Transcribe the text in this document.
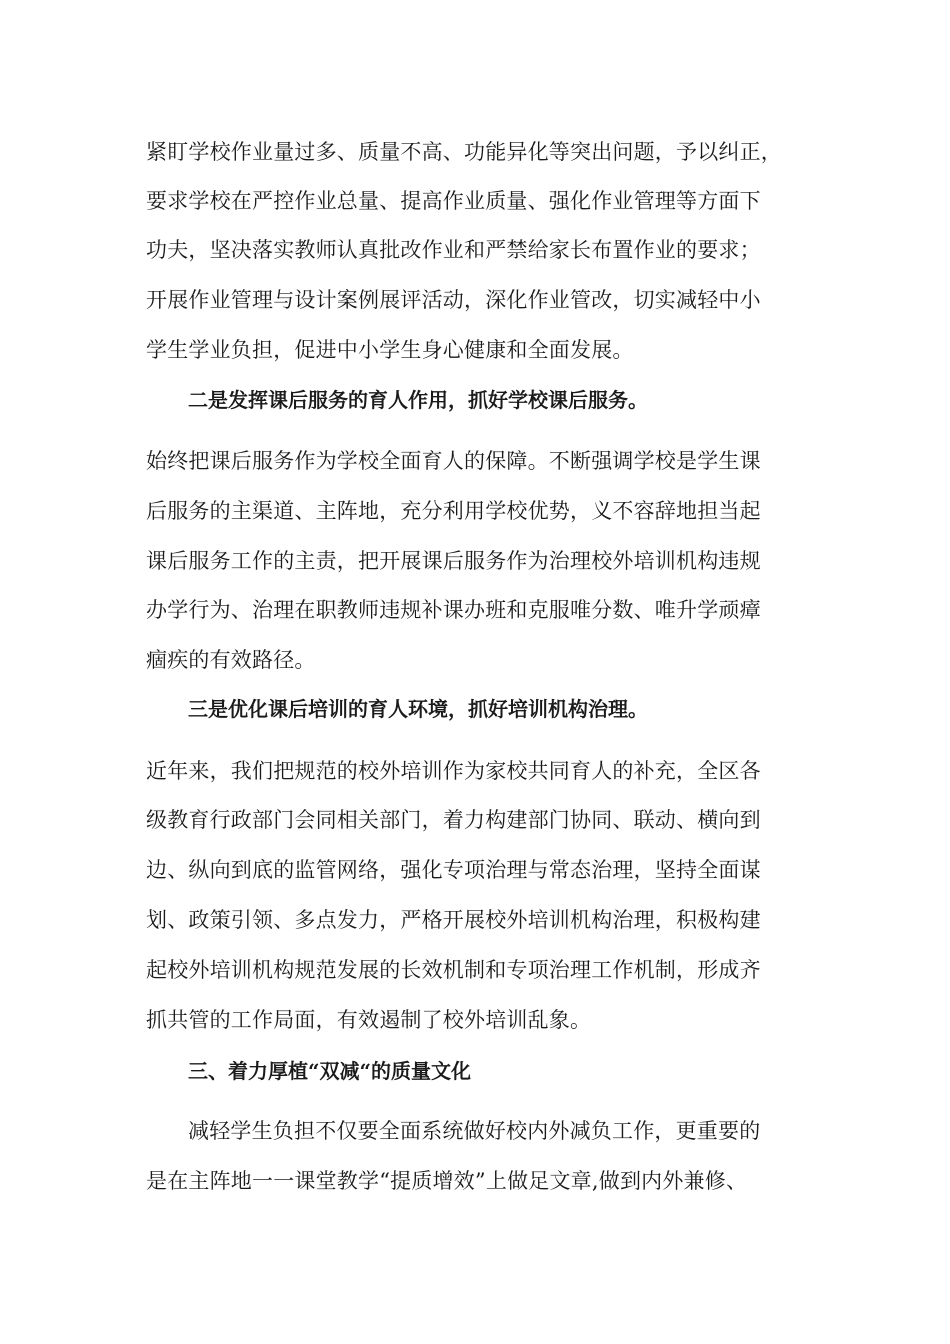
紧盯学校作业量过多、质量不高、功能异化等突出问题，予以纠正，
要求学校在严控作业总量、提高作业质量、强化作业管理等方面下
功夫，坚决落实教师认真批改作业和严禁给家长布置作业的要求；
开展作业管理与设计案例展评活动，深化作业管改，切实减轻中小
学生学业负担，促进中小学生身心健康和全面发展。
二是发挥课后服务的育人作用，抓好学校课后服务。
始终把课后服务作为学校全面育人的保障。不断强调学校是学生课
后服务的主渠道、主阵地，充分利用学校优势，义不容辞地担当起
课后服务工作的主责，把开展课后服务作为治理校外培训机构违规
办学行为、治理在职教师违规补课办班和克服唯分数、唯升学顽瘴
痼疾的有效路径。
三是优化课后培训的育人环境，抓好培训机构治理。
近年来，我们把规范的校外培训作为家校共同育人的补充，全区各
级教育行政部门会同相关部门，着力构建部门协同、联动、横向到
边、纵向到底的监管网络，强化专项治理与常态治理，坚持全面谋
划、政策引领、多点发力，严格开展校外培训机构治理，积极构建
起校外培训机构规范发展的长效机制和专项治理工作机制，形成齐
抓共管的工作局面，有效遏制了校外培训乱象。
三、着力厚植“双减“的质量文化
减轻学生负担不仅要全面系统做好校内外减负工作，更重要的
是在主阵地一一课堂教学“提质增效”上做足文章,做到内外兼修、
